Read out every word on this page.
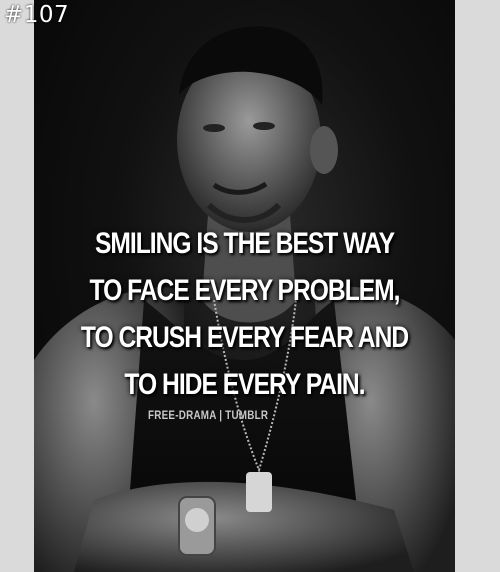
#107
SMILING IS THE BEST WAY
TO FACE EVERY PROBLEM,
TO CRUSH EVERY FEAR AND
TO HIDE EVERY PAIN.
FREE-DRAMA | TUMBLR
